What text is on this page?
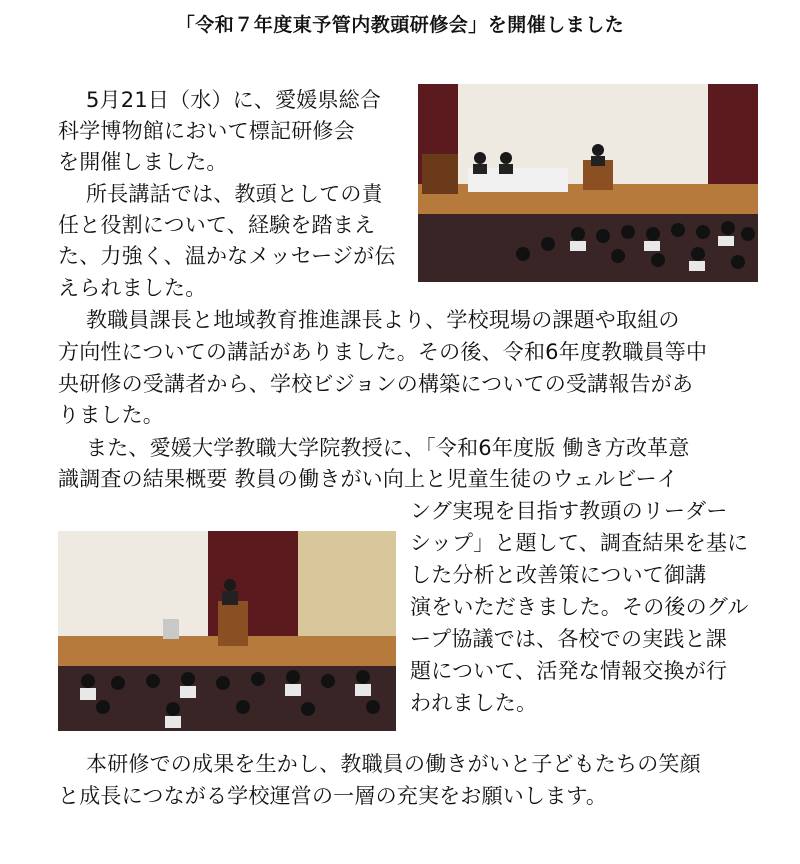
「令和７年度東予管内教頭研修会」を開催しました
5月21日（水）に、愛媛県総合
科学博物館において標記研修会
を開催しました。
所長講話では、教頭としての責
任と役割について、経験を踏まえ
た、力強く、温かなメッセージが伝
えられました。
教職員課長と地域教育推進課長より、学校現場の課題や取組の
方向性についての講話がありました。その後、令和6年度教職員等中
央研修の受講者から、学校ビジョンの構築についての受講報告があ
りました。
また、愛媛大学教職大学院教授に、「令和6年度版 働き方改革意
識調査の結果概要 教員の働きがい向上と児童生徒のウェルビーイ
ング実現を目指す教頭のリーダー
シップ」と題して、調査結果を基に
した分析と改善策について御講
演をいただきました。その後のグル
ープ協議では、各校での実践と課
題について、活発な情報交換が行
われました。
本研修での成果を生かし、教職員の働きがいと子どもたちの笑顔
と成長につながる学校運営の一層の充実をお願いします。
